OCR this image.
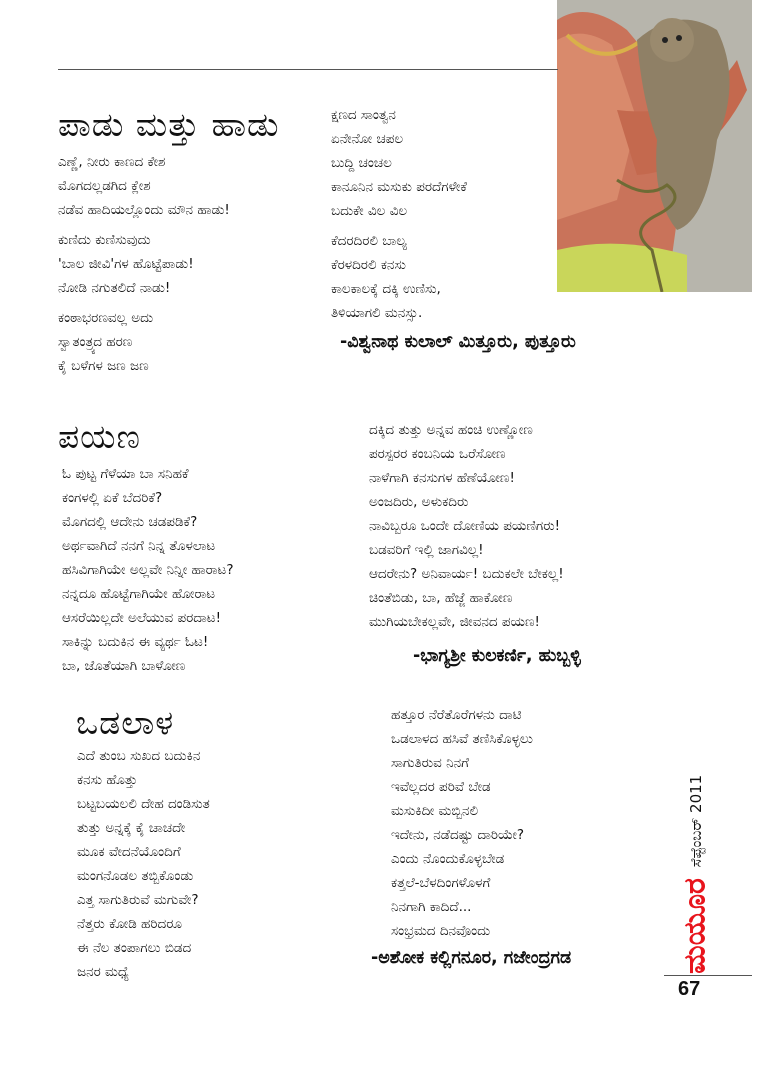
ಪಾಡು ಮತ್ತು ಹಾಡು
ಎಣ್ಣೆ, ನೀರು ಕಾಣದ ಕೇಶ
ಮೊಗದಲ್ಲಡಗಿದ ಕ್ಲೇಶ
ನಡೆವ ಹಾದಿಯಲ್ಲೊಂದು ಮೌನ ಹಾಡು!
ಕುಣಿದು ಕುಣಿಸುವುದು
'ಬಾಲ ಜೀವಿ'ಗಳ ಹೊಟ್ಟೆಪಾಡು!
ನೋಡಿ ನಗುತಲಿದೆ ನಾಡು!
ಕಂಠಾಭರಣವಲ್ಲ ಅದು
ಸ್ವಾತಂತ್ರ್ಯದ ಹರಣ
ಕೈ ಬಳೆಗಳ ಜಣ ಜಣ
ಕ್ಷಣದ ಸಾಂತ್ವನ
ಏನೇನೋ ಚಪಲ
ಬುದ್ದಿ ಚಂಚಲ
ಕಾನೂನಿನ ಮಸುಕು ಪರದೆಗಳೇಕೆ
ಬದುಕೇ ವಿಲ ವಿಲ
ಕೆದರದಿರಲಿ ಬಾಲ್ಯ
ಕೆರಳದಿರಲಿ ಕನಸು
ಕಾಲಕಾಲಕ್ಕೆ ದಕ್ಕಿ ಉಣಿಸು,
ತಿಳಿಯಾಗಲಿ ಮನಸ್ಸು.
-ವಿಶ್ವನಾಥ ಕುಲಾಲ್ ಮಿತ್ತೂರು, ಪುತ್ತೂರು
ಪಯಣ
ಓ ಪುಟ್ಟ ಗೆಳೆಯಾ ಬಾ ಸನಿಹಕೆ
ಕಂಗಳಲ್ಲಿ ಏಕೆ ಬೆದರಿಕೆ?
ಮೊಗದಲ್ಲಿ ಆದೇನು ಚಡಪಡಿಕೆ?
ಅರ್ಥವಾಗಿದೆ ನನಗೆ ನಿನ್ನ ತೊಳಲಾಟ
ಹಸಿವಿಗಾಗಿಯೇ ಅಲ್ಲವೇ ನಿನ್ನೀ ಹಾರಾಟ?
ನನ್ನದೂ ಹೊಟ್ಟೆಗಾಗಿಯೇ ಹೋರಾಟ
ಆಸರೆಯಿಲ್ಲದೇ ಅಲೆಯುವ ಪರದಾಟ!
ಸಾಕಿನ್ನು ಬದುಕಿನ ಈ ವ್ಯರ್ಥ ಓಟ!
ಬಾ, ಜೊತೆಯಾಗಿ ಬಾಳೋಣ
ದಕ್ಕಿದ ತುತ್ತು ಅನ್ನವ ಹಂಚಿ ಉಣ್ಣೋಣ
ಪರಸ್ಪರರ ಕಂಬನಿಯ ಒರೆಸೋಣ
ನಾಳೆಗಾಗಿ ಕನಸುಗಳ ಹೆಣೆಯೋಣ!
ಅಂಜದಿರು, ಅಳುಕದಿರು
ನಾವಿಬ್ಬರೂ ಒಂದೇ ದೋಣಿಯ ಪಯಣಿಗರು!
ಬಡವರಿಗೆ ಇಲ್ಲಿ ಜಾಗವಿಲ್ಲ!
ಆದರೇನು? ಅನಿವಾರ್ಯ! ಬದುಕಲೇ ಬೇಕಲ್ಲ!
ಚಿಂತೆಬಿಡು, ಬಾ, ಹೆಜ್ಜೆ ಹಾಕೋಣ
ಮುಗಿಯಬೇಕಲ್ಲವೇ, ಜೀವನದ ಪಯಣ!
-ಭಾಗ್ಯಶ್ರೀ ಕುಲಕರ್ಣಿ, ಹುಬ್ಬಳ್ಳಿ
ಒಡಲಾಳ
ಎದೆ ತುಂಬ ಸುಖದ ಬದುಕಿನ
ಕನಸು ಹೊತ್ತು
ಬಟ್ಟಬಯಲಲಿ ದೇಹ ದಂಡಿಸುತ
ತುತ್ತು ಅನ್ನಕ್ಕೆ ಕೈ ಚಾಚದೇ
ಮೂಕ ವೇದನೆಯೊಂದಿಗೆ
ಮಂಗನೊಡಲ ತಬ್ಬಿಕೊಂಡು
ಎತ್ತ ಸಾಗುತಿರುವೆ ಮಗುವೇ?
ನೆತ್ತರು ಕೋಡಿ ಹರಿದರೂ
ಈ ನೆಲ ತಂಪಾಗಲು ಬಿಡದ
ಜನರ ಮಧ್ಯೆ
ಹತ್ತೂರ ನೆರೆತೊರೆಗಳನು ದಾಟಿ
ಒಡಲಾಳದ ಹಸಿವೆ ತಣಿಸಿಕೊಳ್ಳಲು
ಸಾಗುತಿರುವ ನಿನಗೆ
ಇವೆಲ್ಲದರ ಪರಿವೆ ಬೇಡ
ಮಸುಕಿದೀ ಮಬ್ಬಿನಲಿ
ಇದೇನು, ನಡೆದಷ್ಟು ದಾರಿಯೇ?
ಎಂದು ನೊಂದುಕೊಳ್ಳಬೇಡ
ಕತ್ತಲೆ-ಬೆಳದಿಂಗಳೊಳಗೆ
ನಿನಗಾಗಿ ಕಾದಿದೆ...
ಸಂಭ್ರಮದ ದಿನವೊಂದು
-ಅಶೋಕ ಕಲ್ಲಿಗನೂರ, ಗಜೇಂದ್ರಗಡ
ಸೆಪ್ಟೆಂಬರ್ 2011
ಮಯೂರ
67
